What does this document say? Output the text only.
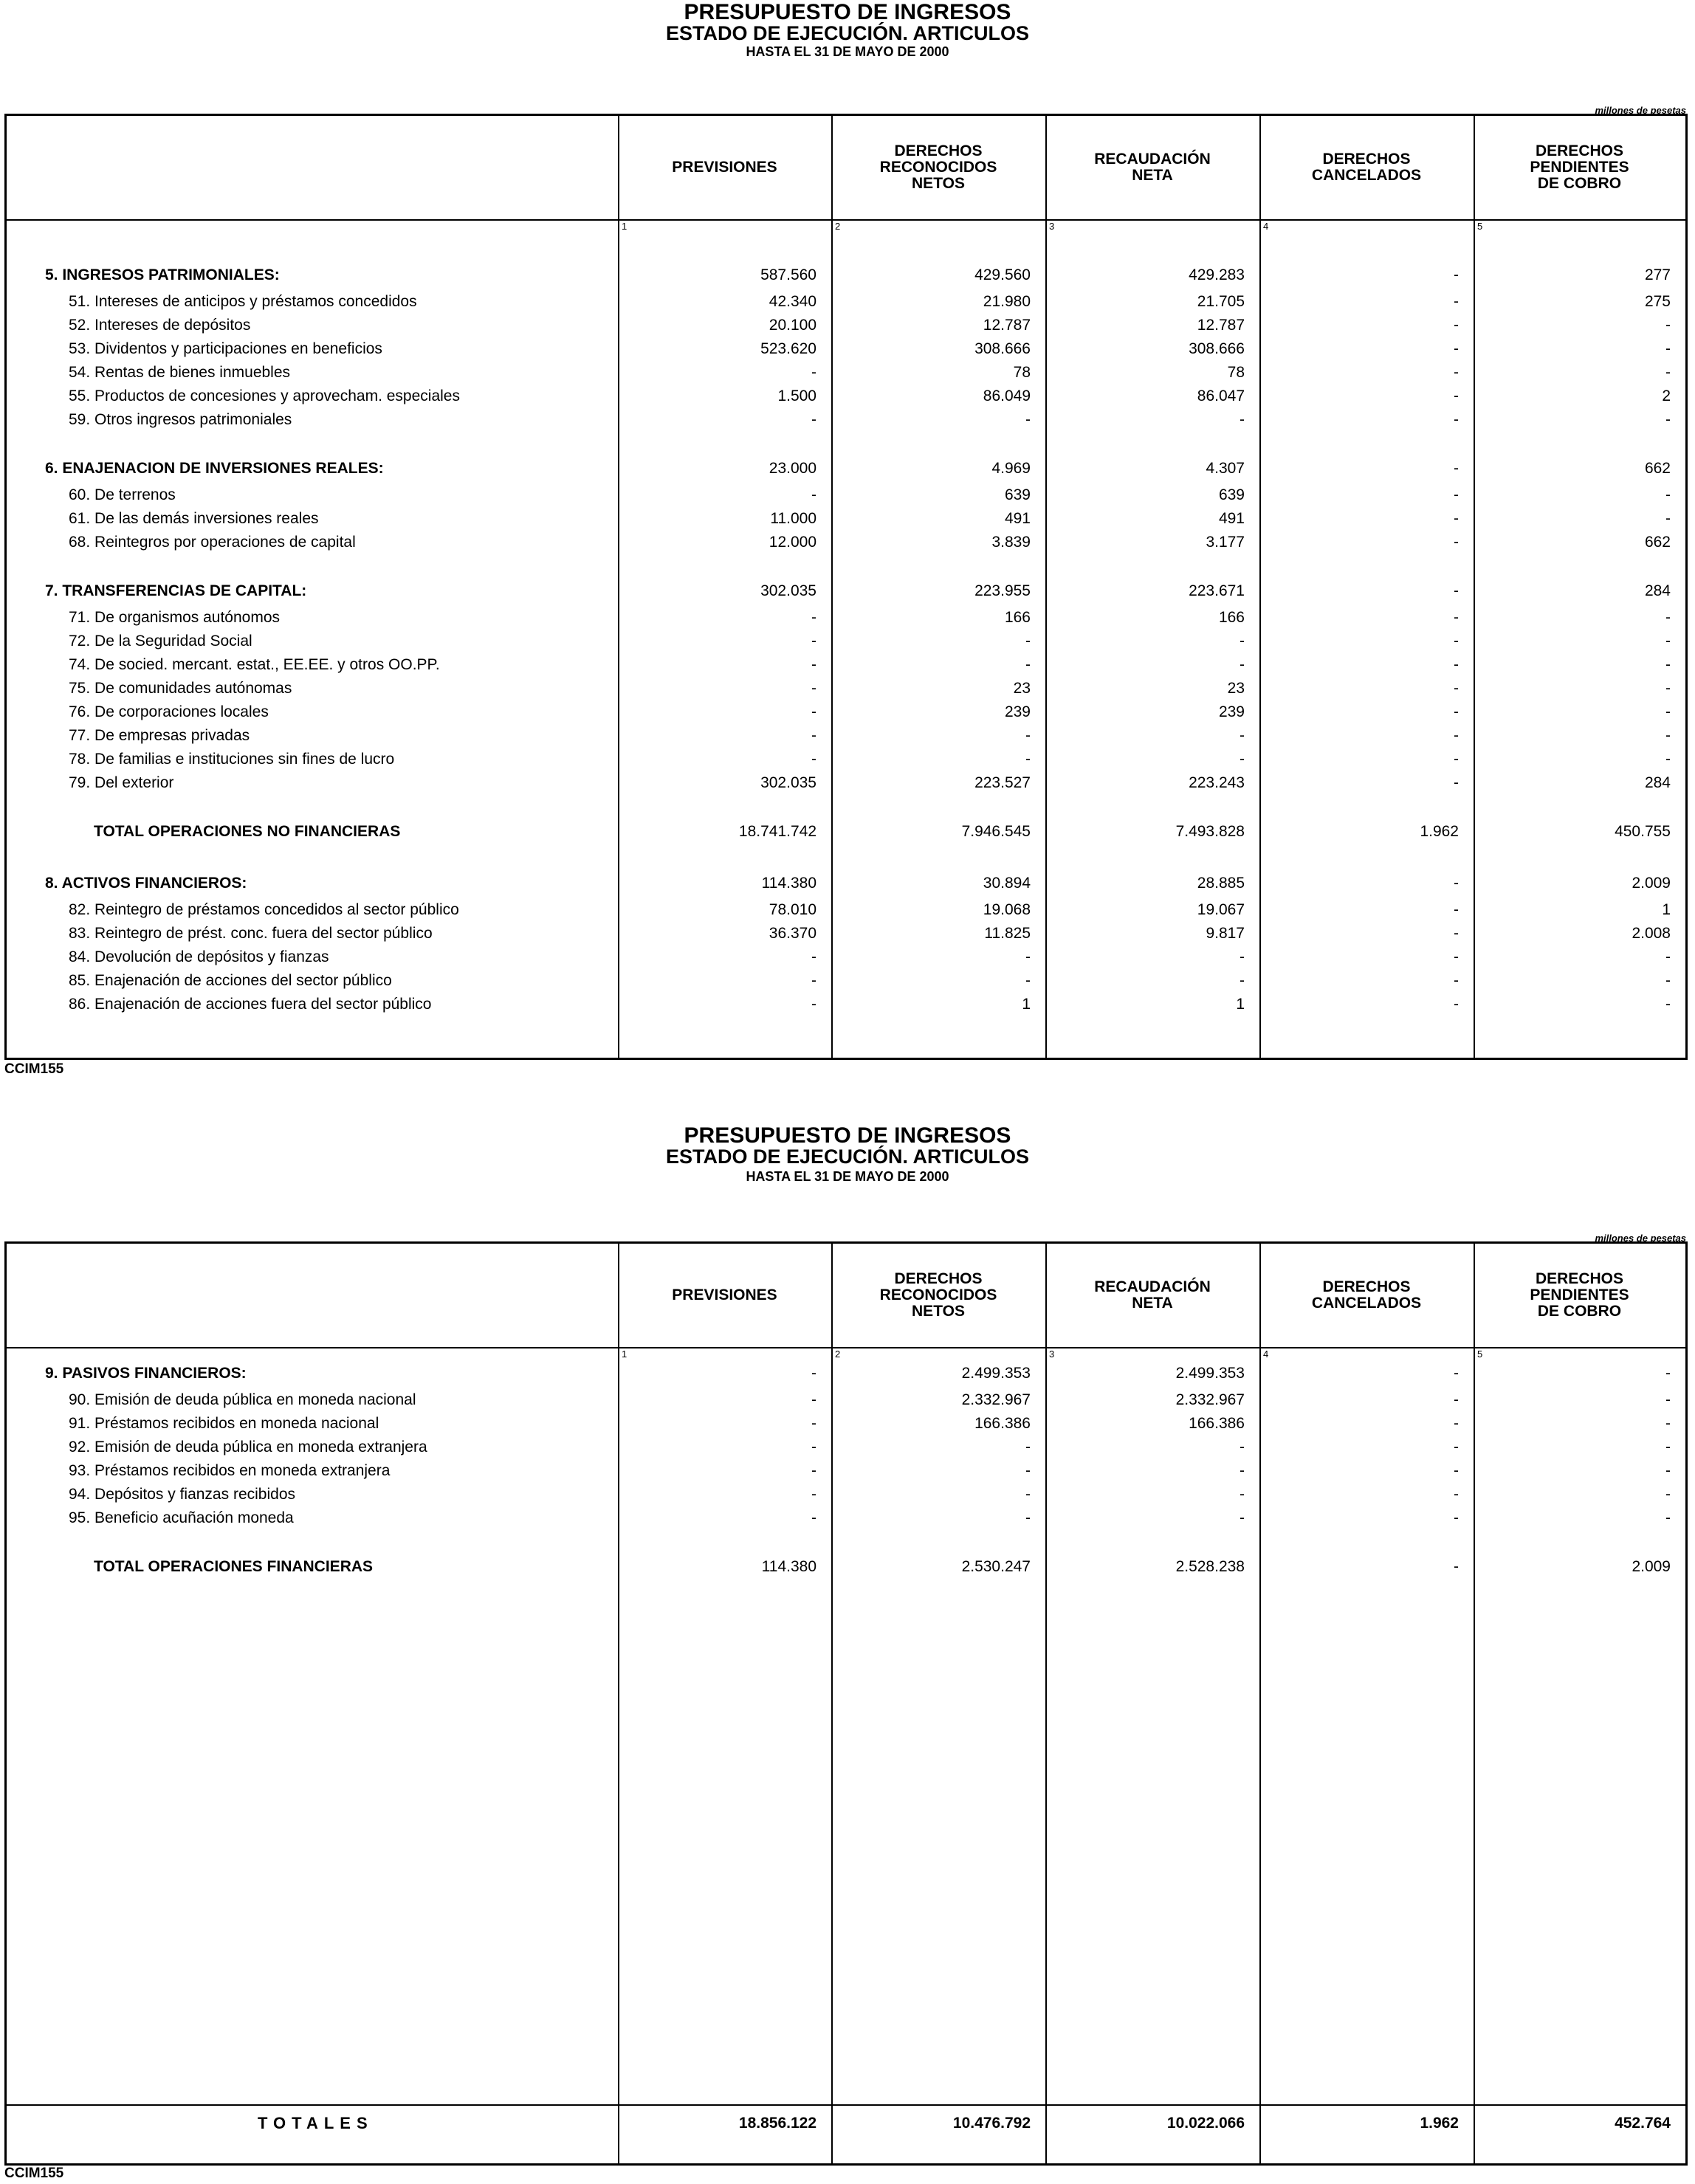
PRESUPUESTO DE INGRESOS
ESTADO DE EJECUCIÓN. ARTICULOS
HASTA EL 31 DE MAYO DE 2000
millones de pesetas
PREVISIONES
1
DERECHOS
RECONOCIDOS
NETOS
2
RECAUDACIÓN
NETA
3
DERECHOS
CANCELADOS
4
DERECHOS
PENDIENTES
DE COBRO
5
5. INGRESOS PATRIMONIALES:	587.560	429.560	429.283	-	277
51. Intereses de anticipos y préstamos concedidos	42.340	21.980	21.705	-	275
52. Intereses de depósitos	20.100	12.787	12.787	-	-
53. Dividentos y participaciones en beneficios	523.620	308.666	308.666	-	-
54. Rentas de bienes inmuebles	-	78	78	-	-
55. Productos de concesiones y aprovecham. especiales	1.500	86.049	86.047	-	2
59. Otros ingresos patrimoniales	-	-	-	-	-
6. ENAJENACION DE INVERSIONES REALES:	23.000	4.969	4.307	-	662
60. De terrenos	-	639	639	-	-
61. De las demás inversiones reales	11.000	491	491	-	-
68. Reintegros por operaciones de capital	12.000	3.839	3.177	-	662
7. TRANSFERENCIAS DE CAPITAL:	302.035	223.955	223.671	-	284
71. De organismos autónomos	-	166	166	-	-
72. De la Seguridad Social	-	-	-	-	-
74. De socied. mercant. estat., EE.EE. y otros OO.PP.	-	-	-	-	-
75. De comunidades autónomas	-	23	23	-	-
76. De corporaciones locales	-	239	239	-	-
77. De empresas privadas	-	-	-	-	-
78. De familias e instituciones sin fines de lucro	-	-	-	-	-
79. Del exterior	302.035	223.527	223.243	-	284
TOTAL OPERACIONES NO FINANCIERAS	18.741.742	7.946.545	7.493.828	1.962	450.755
8. ACTIVOS FINANCIEROS:	114.380	30.894	28.885	-	2.009
82. Reintegro de préstamos concedidos al sector público	78.010	19.068	19.067	-	1
83. Reintegro de prést. conc. fuera del sector público	36.370	11.825	9.817	-	2.008
84. Devolución de depósitos y fianzas	-	-	-	-	-
85. Enajenación de acciones del sector público	-	-	-	-	-
86. Enajenación de acciones fuera del sector público	-	1	1	-	-
CCIM155
PRESUPUESTO DE INGRESOS
ESTADO DE EJECUCIÓN. ARTICULOS
HASTA EL 31 DE MAYO DE 2000
millones de pesetas
PREVISIONES
1
DERECHOS
RECONOCIDOS
NETOS
2
RECAUDACIÓN
NETA
3
DERECHOS
CANCELADOS
4
DERECHOS
PENDIENTES
DE COBRO
5
9. PASIVOS FINANCIEROS:	-	2.499.353	2.499.353	-	-
90. Emisión de deuda pública en moneda nacional	-	2.332.967	2.332.967	-	-
91. Préstamos recibidos en moneda nacional	-	166.386	166.386	-	-
92. Emisión de deuda pública en moneda extranjera	-	-	-	-	-
93. Préstamos recibidos en moneda extranjera	-	-	-	-	-
94. Depósitos y fianzas recibidos	-	-	-	-	-
95. Beneficio acuñación moneda	-	-	-	-	-
TOTAL OPERACIONES FINANCIERAS	114.380	2.530.247	2.528.238	-	2.009
TOTALES	18.856.122	10.476.792	10.022.066	1.962	452.764
CCIM155
